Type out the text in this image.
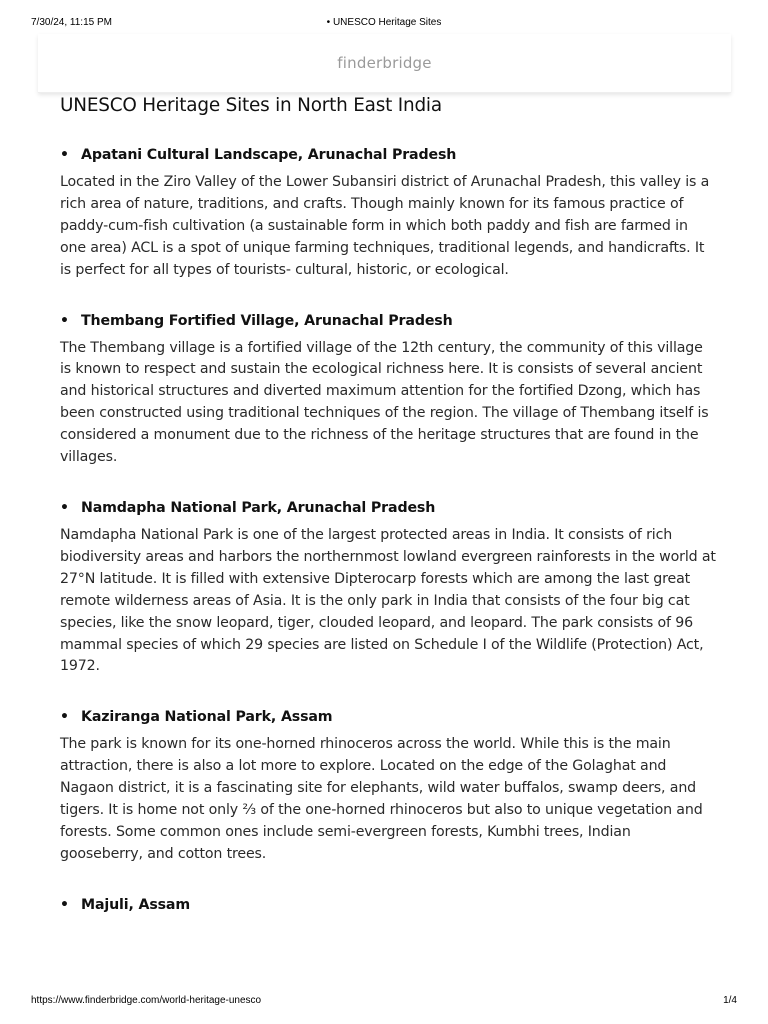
7/30/24, 11:15 PM	• UNESCO Heritage Sites
finderbridge
UNESCO Heritage Sites in North East India
• Apatani Cultural Landscape, Arunachal Pradesh

Located in the Ziro Valley of the Lower Subansiri district of Arunachal Pradesh, this valley is a rich area of nature, traditions, and crafts. Though mainly known for its famous practice of paddy-cum-fish cultivation (a sustainable form in which both paddy and fish are farmed in one area) ACL is a spot of unique farming techniques, traditional legends, and handicrafts. It is perfect for all types of tourists- cultural, historic, or ecological.

• Thembang Fortified Village, Arunachal Pradesh

The Thembang village is a fortified village of the 12th century, the community of this village is known to respect and sustain the ecological richness here. It is consists of several ancient and historical structures and diverted maximum attention for the fortified Dzong, which has been constructed using traditional techniques of the region. The village of Thembang itself is considered a monument due to the richness of the heritage structures that are found in the villages.

• Namdapha National Park, Arunachal Pradesh

Namdapha National Park is one of the largest protected areas in India. It consists of rich biodiversity areas and harbors the northernmost lowland evergreen rainforests in the world at 27°N latitude. It is filled with extensive Dipterocarp forests which are among the last great remote wilderness areas of Asia. It is the only park in India that consists of the four big cat species, like the snow leopard, tiger, clouded leopard, and leopard. The park consists of 96 mammal species of which 29 species are listed on Schedule I of the Wildlife (Protection) Act, 1972.

• Kaziranga National Park, Assam

The park is known for its one-horned rhinoceros across the world. While this is the main attraction, there is also a lot more to explore. Located on the edge of the Golaghat and Nagaon district, it is a fascinating site for elephants, wild water buffalos, swamp deers, and tigers. It is home not only ⅔ of the one-horned rhinoceros but also to unique vegetation and forests. Some common ones include semi-evergreen forests, Kumbhi trees, Indian gooseberry, and cotton trees.

• Majuli, Assam
https://www.finderbridge.com/world-heritage-unesco	1/4
